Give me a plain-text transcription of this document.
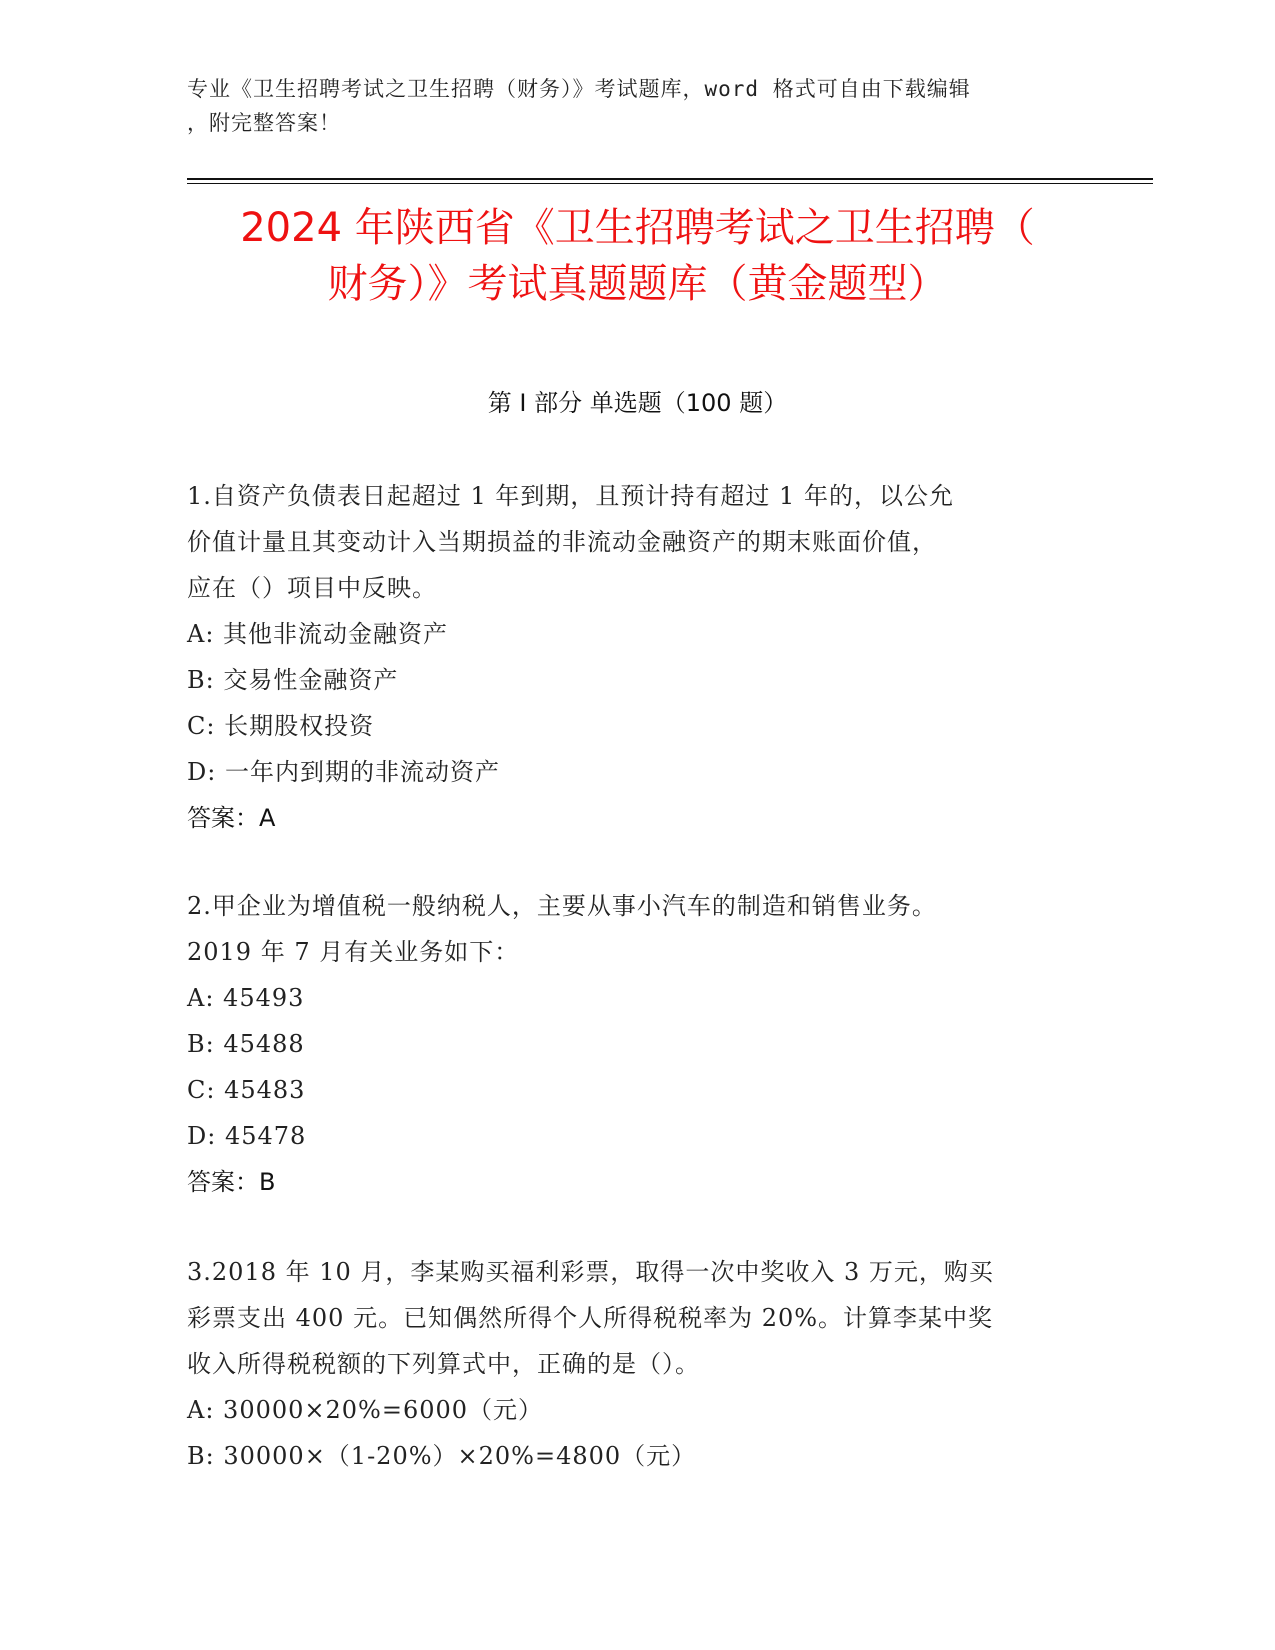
专业《卫生招聘考试之卫生招聘（财务）》考试题库，word 格式可自由下载编辑
，附完整答案！
2024 年陕西省《卫生招聘考试之卫生招聘（
财务）》考试真题题库（黄金题型）
第 I 部分 单选题（100 题）
1.自资产负债表日起超过 1 年到期，且预计持有超过 1 年的，以公允
价值计量且其变动计入当期损益的非流动金融资产的期末账面价值，
应在（）项目中反映。
A: 其他非流动金融资产
B: 交易性金融资产
C: 长期股权投资
D: 一年内到期的非流动资产
答案：A
2.甲企业为增值税一般纳税人，主要从事小汽车的制造和销售业务。
2019 年 7 月有关业务如下：
A: 45493
B: 45488
C: 45483
D: 45478
答案：B
3.2018 年 10 月，李某购买福利彩票，取得一次中奖收入 3 万元，购买
彩票支出 400 元。已知偶然所得个人所得税税率为 20%。计算李某中奖
收入所得税税额的下列算式中，正确的是（）。
A: 30000×20%=6000（元）
B: 30000×（1-20%）×20%=4800（元）
